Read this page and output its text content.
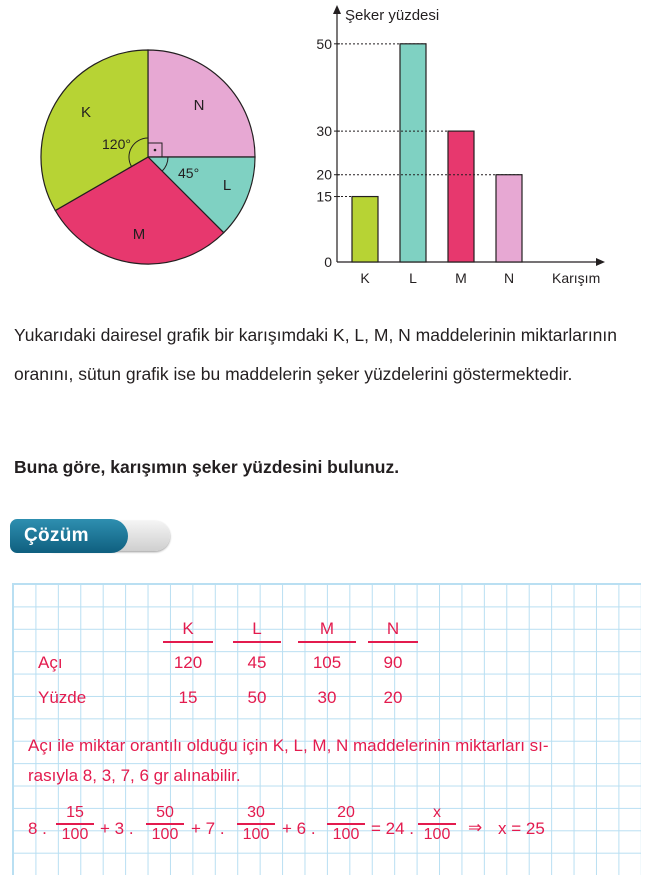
K	N
L
M
120°
45°
Şeker yüzdesi
Karışım
0
15
20
30
50
K	L	M	N
Yukarıdaki dairesel grafik bir karışımdaki K, L, M, N maddelerinin miktarlarının oranını, sütun grafik ise bu maddelerin şeker yüzdelerini göstermektedir.
Buna göre, karışımın şeker yüzdesini bulunuz.
Çözüm
K	L	M	N
Açı	120	45	105	90
Yüzde	15	50	30	20
Açı ile miktar orantılı olduğu için K, L, M, N maddelerinin miktarları sı-
rasıyla 8, 3, 7, 6 gr alınabilir.
8 .
15
100 + 3 .
50
100 + 7 .
30
100 + 6 .
20
100 = 24 .
x
100	⇒ x = 25
